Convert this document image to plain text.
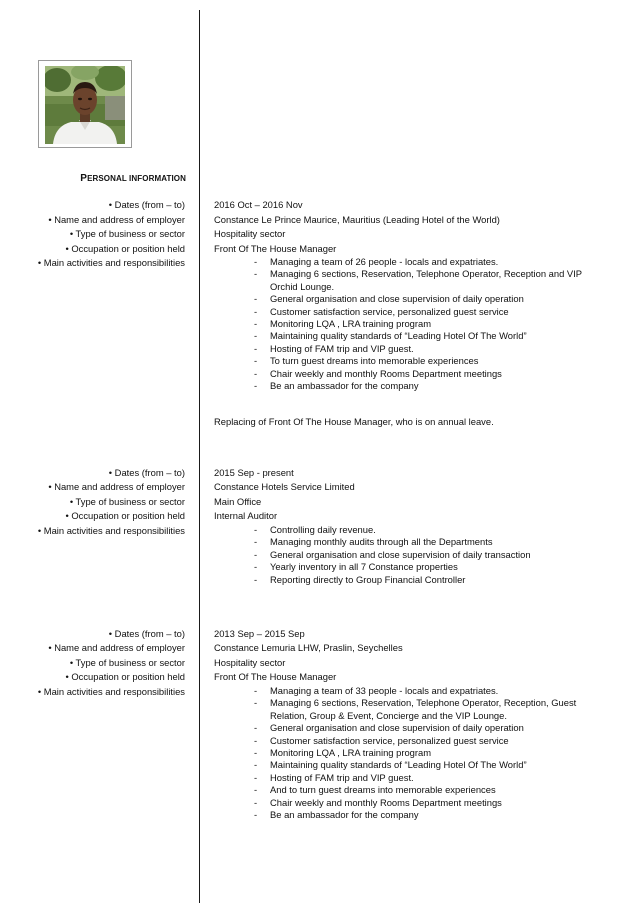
PERSONAL INFORMATION
• Dates (from – to)
• Name and address of employer
• Type of business or sector
• Occupation or position held
• Main activities and responsibilities
2016 Oct – 2016 Nov
Constance Le Prince Maurice, Mauritius (Leading Hotel of the World)
Hospitality sector
Front Of The House Manager
- Managing a team of 26 people - locals and expatriates.
- Managing 6 sections, Reservation, Telephone Operator, Reception and VIP
Orchid Lounge.
- General organisation and close supervision of daily operation
- Customer satisfaction service, personalized guest service
- Monitoring LQA , LRA training program
- Maintaining quality standards of “Leading Hotel Of The World”
- Hosting of FAM trip and VIP guest.
- To turn guest dreams into memorable experiences
- Chair weekly and monthly Rooms Department meetings
- Be an ambassador for the company
Replacing of Front Of The House Manager, who is on annual leave.
• Dates (from – to)
• Name and address of employer
• Type of business or sector
• Occupation or position held
• Main activities and responsibilities
2015 Sep - present
Constance Hotels Service Limited
Main Office
Internal Auditor
- Controlling daily revenue.
- Managing monthly audits through all the Departments
- General organisation and close supervision of daily transaction
- Yearly inventory in all 7 Constance properties
- Reporting directly to Group Financial Controller
• Dates (from – to)
• Name and address of employer
• Type of business or sector
• Occupation or position held
• Main activities and responsibilities
2013 Sep – 2015 Sep
Constance Lemuria LHW, Praslin, Seychelles
Hospitality sector
Front Of The House Manager
- Managing a team of 33 people - locals and expatriates.
- Managing 6 sections, Reservation, Telephone Operator, Reception, Guest
Relation, Group & Event, Concierge and the VIP Lounge.
- General organisation and close supervision of daily operation
- Customer satisfaction service, personalized guest service
- Monitoring LQA , LRA training program
- Maintaining quality standards of “Leading Hotel Of The World”
- Hosting of FAM trip and VIP guest.
- And to turn guest dreams into memorable experiences
- Chair weekly and monthly Rooms Department meetings
- Be an ambassador for the company
